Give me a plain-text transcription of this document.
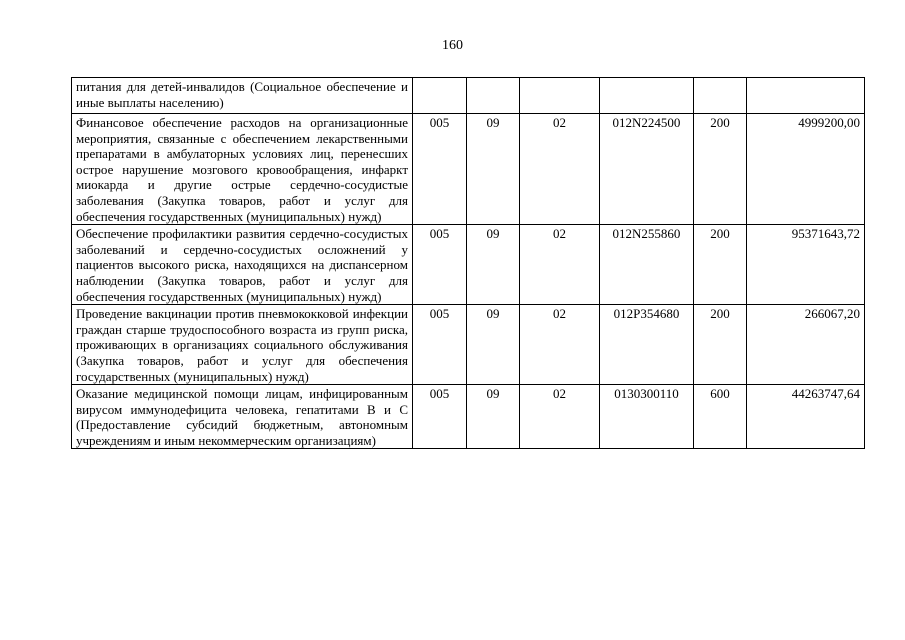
160
питания для детей-инвалидов (Социальное обеспечение и иные выплаты населению)						
Финансовое обеспечение расходов на организационные мероприятия, связанные с обеспечением лекарственными препаратами в амбулаторных условиях лиц, перенесших острое нарушение мозгового кровообращения, инфаркт миокарда и другие острые сердечно-сосудистые заболевания (Закупка товаров, работ и услуг для обеспечения государственных (муниципальных) нужд)	005	09	02	012N224500	200	4999200,00
Обеспечение профилактики развития сердечно-сосудистых заболеваний и сердечно-сосудистых осложнений у пациентов высокого риска, находящихся на диспансерном наблюдении (Закупка товаров, работ и услуг для обеспечения государственных (муниципальных) нужд)	005	09	02	012N255860	200	95371643,72
Проведение вакцинации против пневмококковой инфекции граждан старше трудоспособного возраста из групп риска, проживающих в организациях социального обслуживания (Закупка товаров, работ и услуг для обеспечения государственных (муниципальных) нужд)	005	09	02	012P354680	200	266067,20
Оказание медицинской помощи лицам, инфицированным вирусом иммунодефицита человека, гепатитами В и С (Предоставление субсидий бюджетным, автономным учреждениям и иным некоммерческим организациям)	005	09	02	0130300110	600	44263747,64
